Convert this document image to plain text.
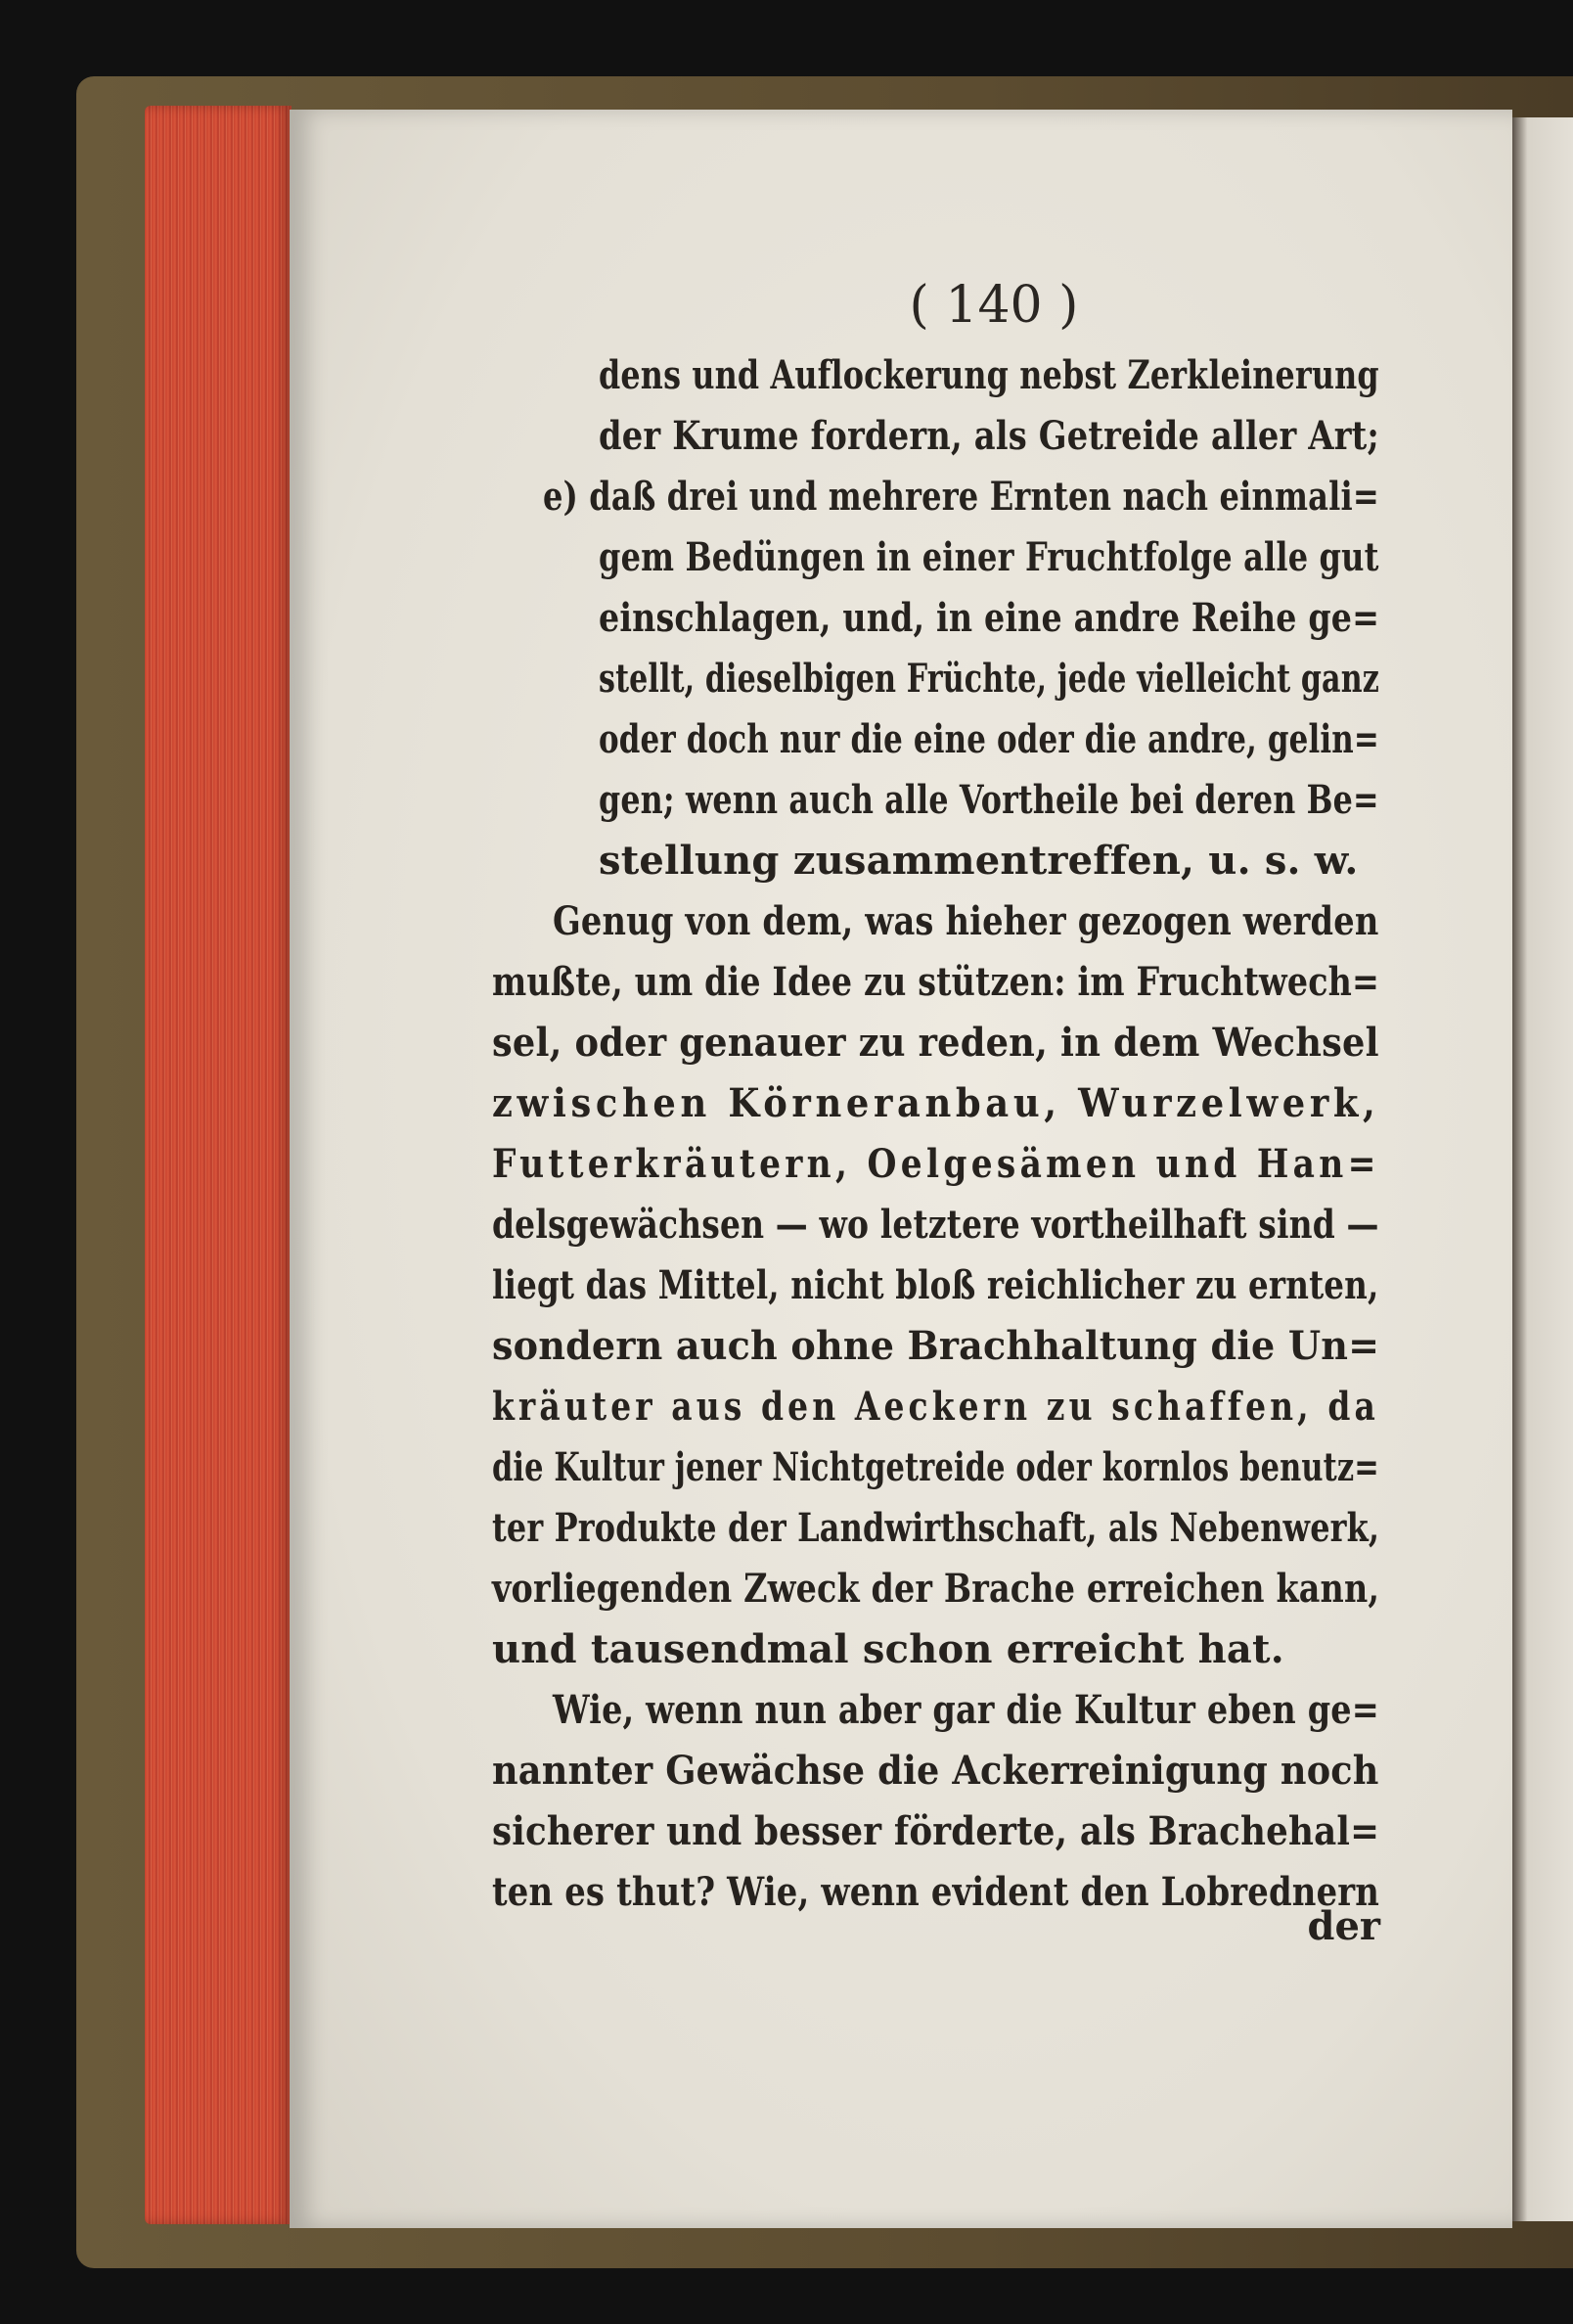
( 140 )
dens und Auflockerung nebst Zerkleinerung
der Krume fordern, als Getreide aller Art;
e) daß drei und mehrere Ernten nach einmali=
gem Bedüngen in einer Fruchtfolge alle gut
einschlagen, und, in eine andre Reihe ge=
stellt, dieselbigen Früchte, jede vielleicht ganz
oder doch nur die eine oder die andre, gelin=
gen; wenn auch alle Vortheile bei deren Be=
stellung zusammentreffen, u. s. w.
Genug von dem, was hieher gezogen werden
mußte, um die Idee zu stützen: im Fruchtwech=
sel, oder genauer zu reden, in dem Wechsel
zwischen Körneranbau, Wurzelwerk,
Futterkräutern, Oelgesämen und Han=
delsgewächsen — wo letztere vortheilhaft sind —
liegt das Mittel, nicht bloß reichlicher zu ernten,
sondern auch ohne Brachhaltung die Un=
kräuter aus den Aeckern zu schaffen, da
die Kultur jener Nichtgetreide oder kornlos benutz=
ter Produkte der Landwirthschaft, als Nebenwerk,
vorliegenden Zweck der Brache erreichen kann,
und tausendmal schon erreicht hat.
Wie, wenn nun aber gar die Kultur eben ge=
nannter Gewächse die Ackerreinigung noch
sicherer und besser förderte, als Brachehal=
ten es thut? Wie, wenn evident den Lobrednern
der
